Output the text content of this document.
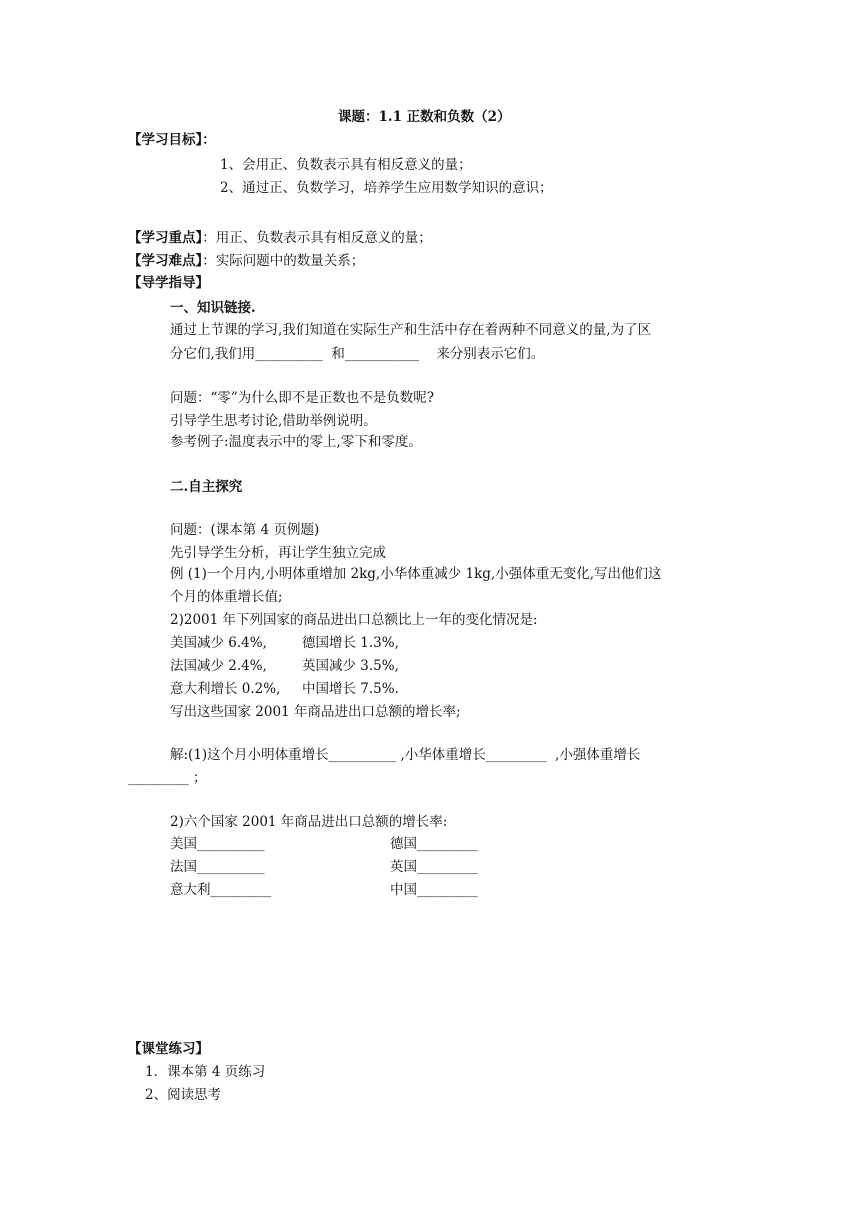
课题：1.1 正数和负数（2）
【学习目标】：
1、会用正、负数表示具有相反意义的量；
2、通过正、负数学习，培养学生应用数学知识的意识；
【学习重点】：用正、负数表示具有相反意义的量；
【学习难点】：实际问题中的数量关系；
【导学指导】
一、知识链接.
通过上节课的学习,我们知道在实际生产和生活中存在着两种不同意义的量,为了区
分它们,我们用__________ 和___________ 来分别表示它们。
问题：“零”为什么即不是正数也不是负数呢?
引导学生思考讨论,借助举例说明。
参考例子:温度表示中的零上,零下和零度。
二.自主探究
问题：(课本第 4 页例题)
先引导学生分析，再让学生独立完成
例 (1)一个月内,小明体重增加 2kg,小华体重减少 1kg,小强体重无变化,写出他们这
个月的体重增长值;
2)2001 年下列国家的商品进出口总额比上一年的变化情况是:
美国减少 6.4%,	德国增长 1.3%,
法国减少 2.4%,	英国减少 3.5%,
意大利增长 0.2%, 中国增长 7.5%.
写出这些国家 2001 年商品进出口总额的增长率;
解:(1)这个月小明体重增长__________ ,小华体重增长_________ ,小强体重增长
_________ ；
2)六个国家 2001 年商品进出口总额的增长率:
美国__________	德国_________
法国__________	英国_________
意大利_________	中国_________
【课堂练习】
1．课本第 4 页练习
2、阅读思考
